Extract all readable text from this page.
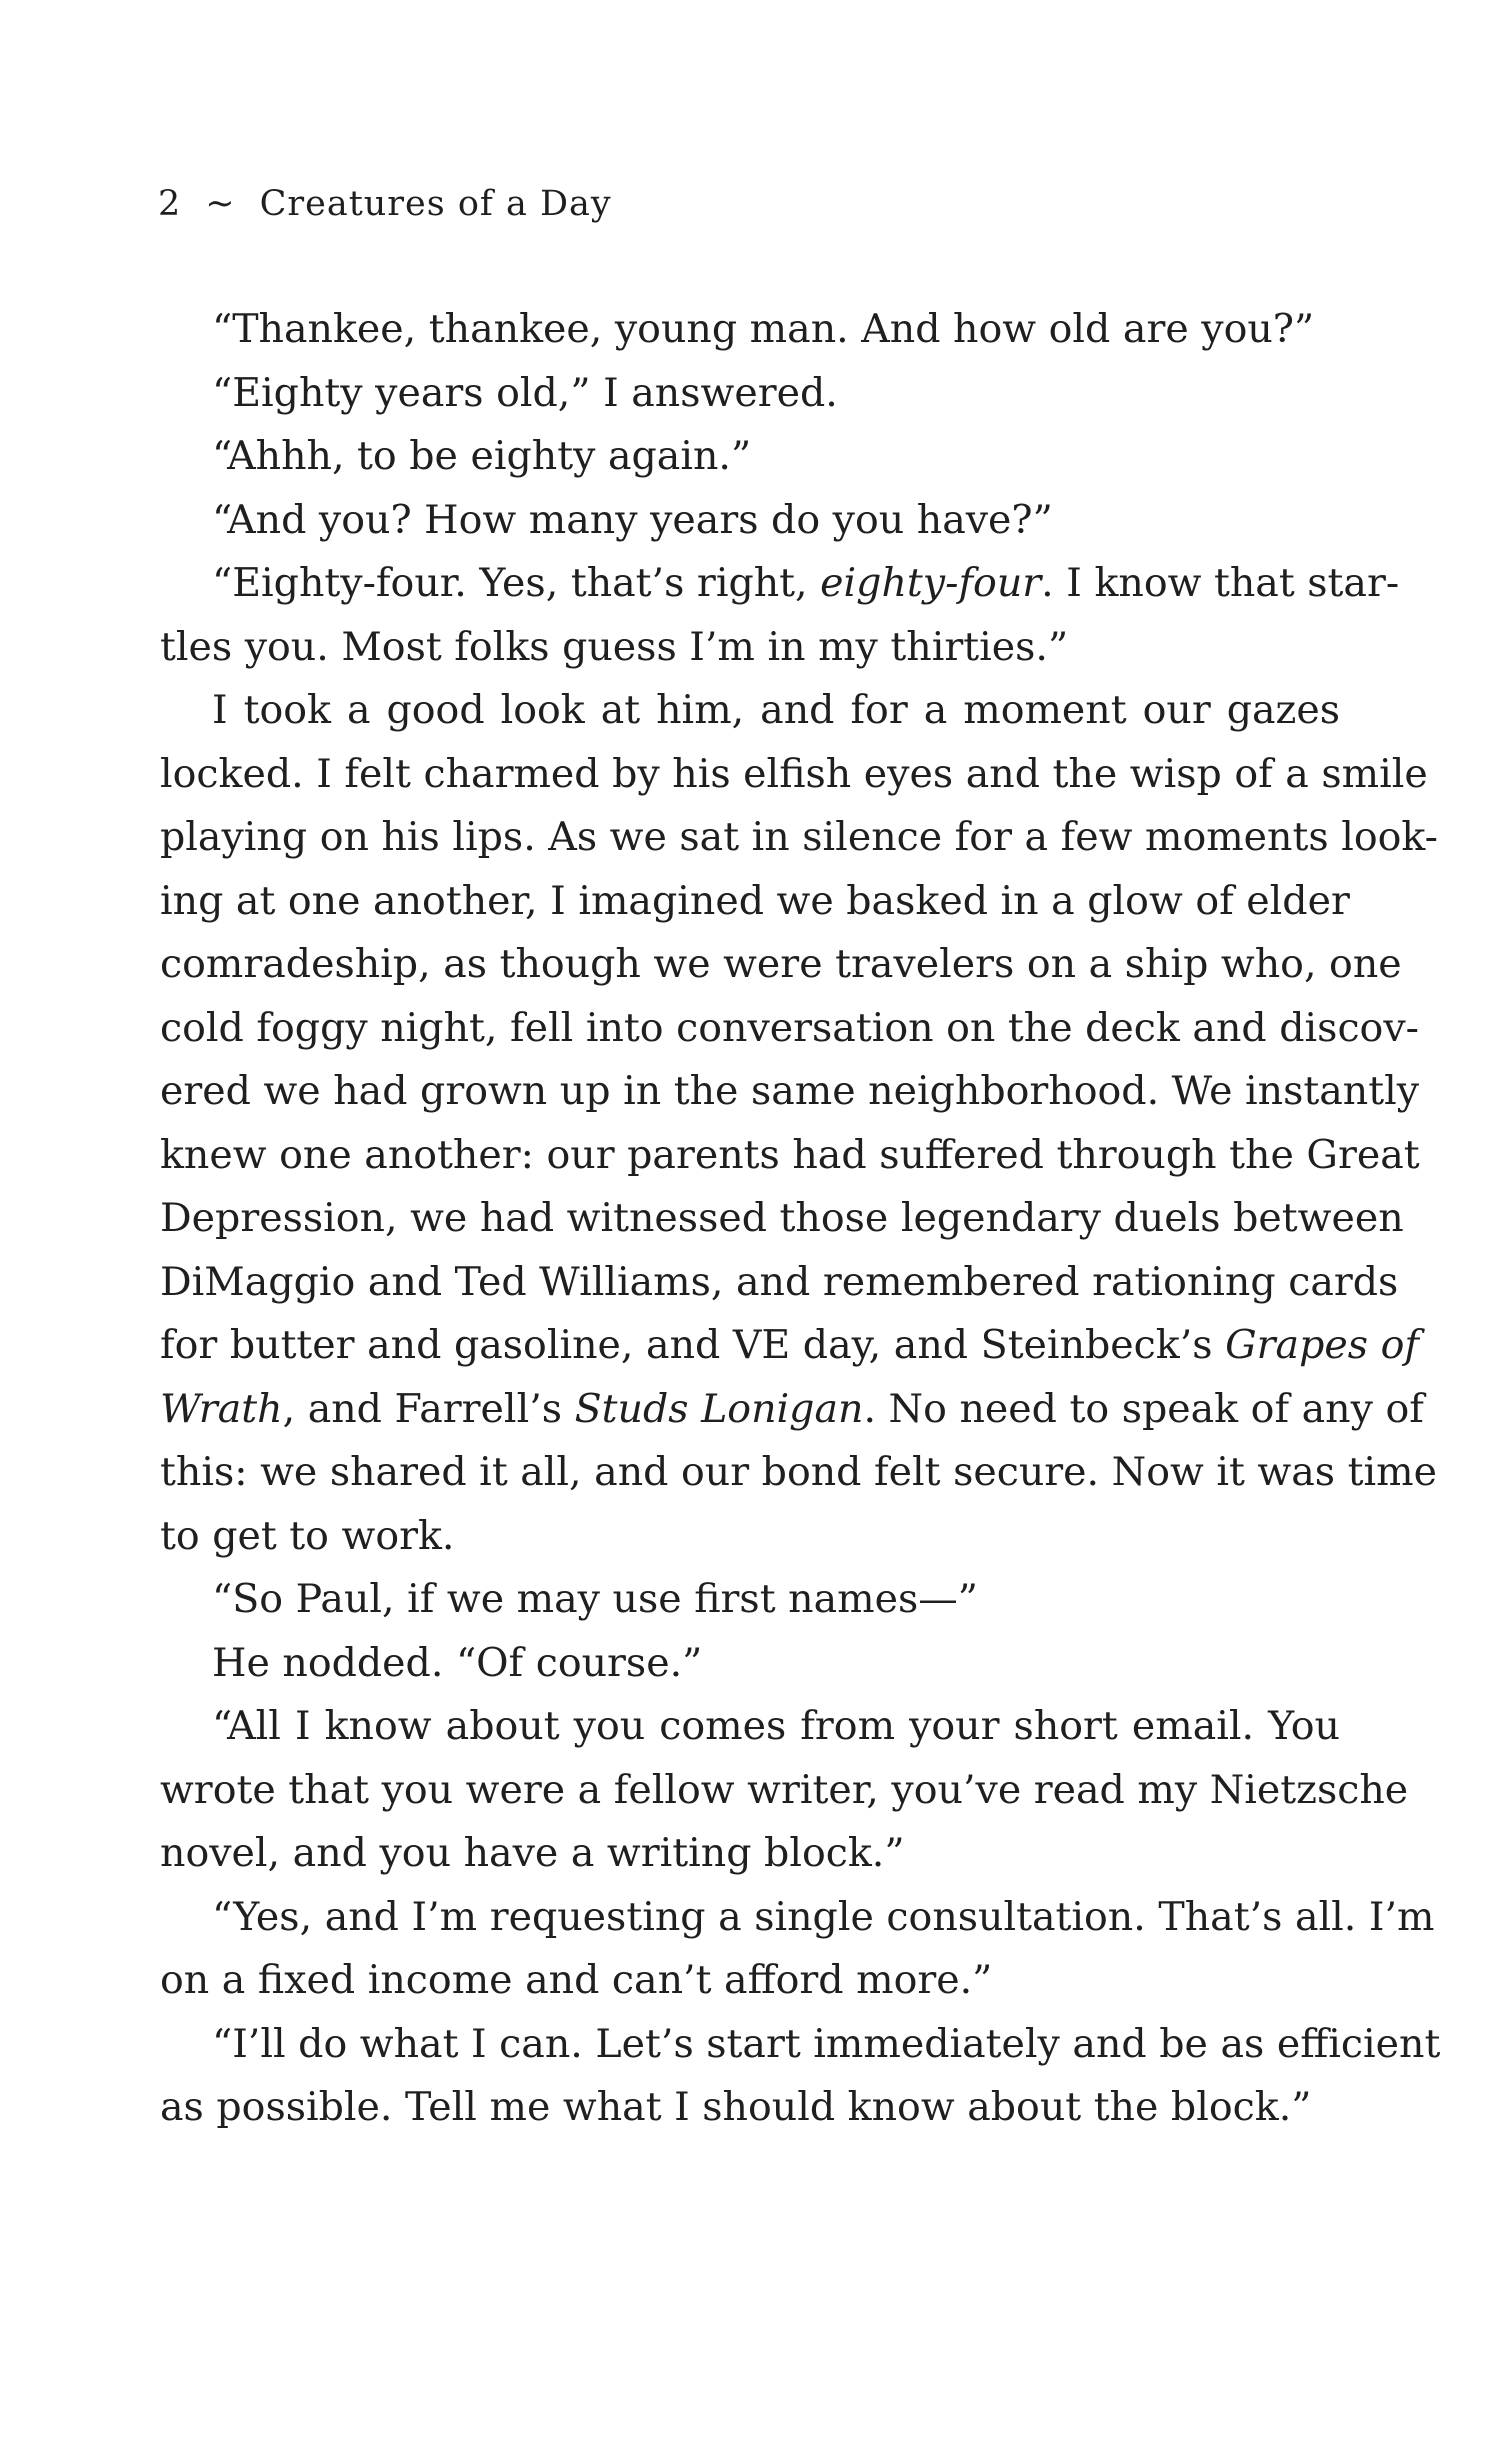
2 ~ Creatures of a Day
“Thankee, thankee, young man. And how old are you?”
“Eighty years old,” I answered.
“Ahhh, to be eighty again.”
“And you? How many years do you have?”
“Eighty-four. Yes, that’s right, eighty-four. I know that star-
tles you. Most folks guess I’m in my thirties.”
I took a good look at him, and for a moment our gazes
locked. I felt charmed by his elfish eyes and the wisp of a smile
playing on his lips. As we sat in silence for a few moments look-
ing at one another, I imagined we basked in a glow of elder
comradeship, as though we were travelers on a ship who, one
cold foggy night, fell into conversation on the deck and discov-
ered we had grown up in the same neighborhood. We instantly
knew one another: our parents had suffered through the Great
Depression, we had witnessed those legendary duels between
DiMaggio and Ted Williams, and remembered rationing cards
for butter and gasoline, and VE day, and Steinbeck’s Grapes of
Wrath, and Farrell’s Studs Lonigan. No need to speak of any of
this: we shared it all, and our bond felt secure. Now it was time
to get to work.
“So Paul, if we may use first names—”
He nodded. “Of course.”
“All I know about you comes from your short email. You
wrote that you were a fellow writer, you’ve read my Nietzsche
novel, and you have a writing block.”
“Yes, and I’m requesting a single consultation. That’s all. I’m
on a fixed income and can’t afford more.”
“I’ll do what I can. Let’s start immediately and be as efficient
as possible. Tell me what I should know about the block.”
